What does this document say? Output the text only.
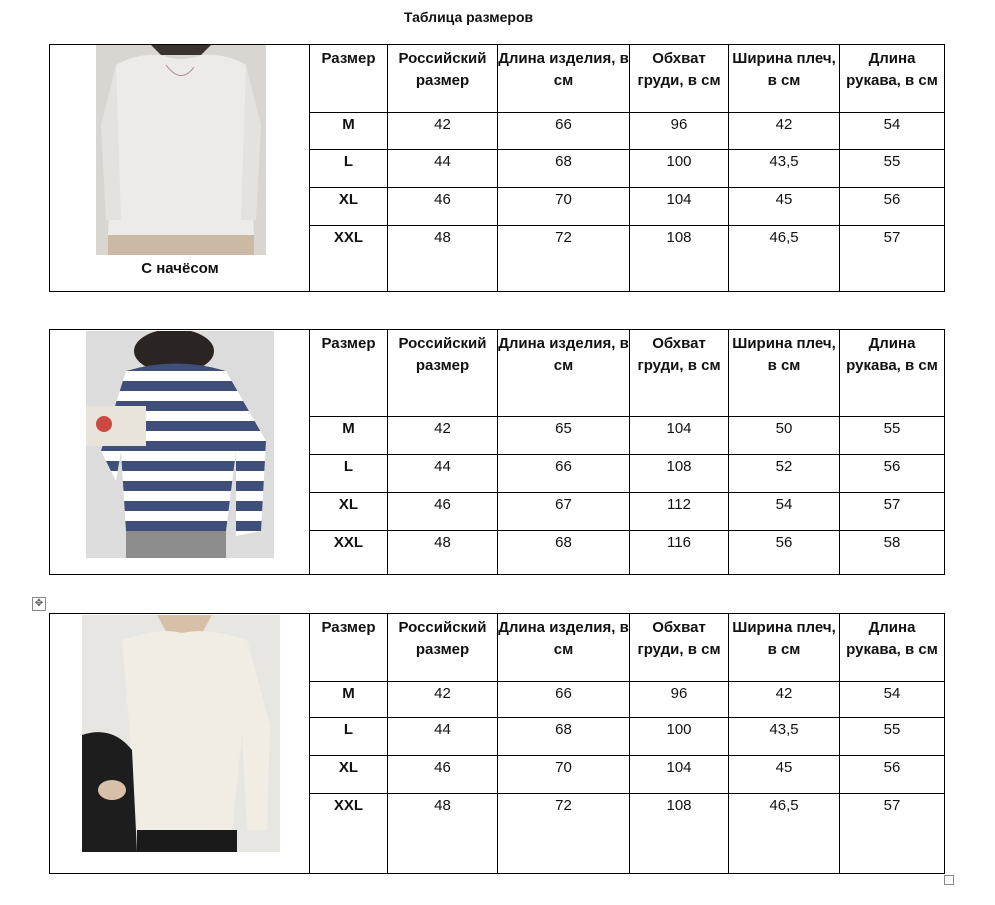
Таблица размеров
С начёсом	Размер	Российский размер	Длина изделия, в см	Обхват груди, в см	Ширина плеч, в см	Длина рукава, в см
	M	42	66	96	42	54
	L	44	68	100	43,5	55
	XL	46	70	104	45	56
	XXL	48	72	108	46,5	57
	Размер	Российский размер	Длина изделия, в см	Обхват груди, в см	Ширина плеч, в см	Длина рукава, в см
	M	42	65	104	50	55
	L	44	66	108	52	56
	XL	46	67	112	54	57
	XXL	48	68	116	56	58
✥
	Размер	Российский размер	Длина изделия, в см	Обхват груди, в см	Ширина плеч, в см	Длина рукава, в см
	M	42	66	96	42	54
	L	44	68	100	43,5	55
	XL	46	70	104	45	56
	XXL	48	72	108	46,5	57
